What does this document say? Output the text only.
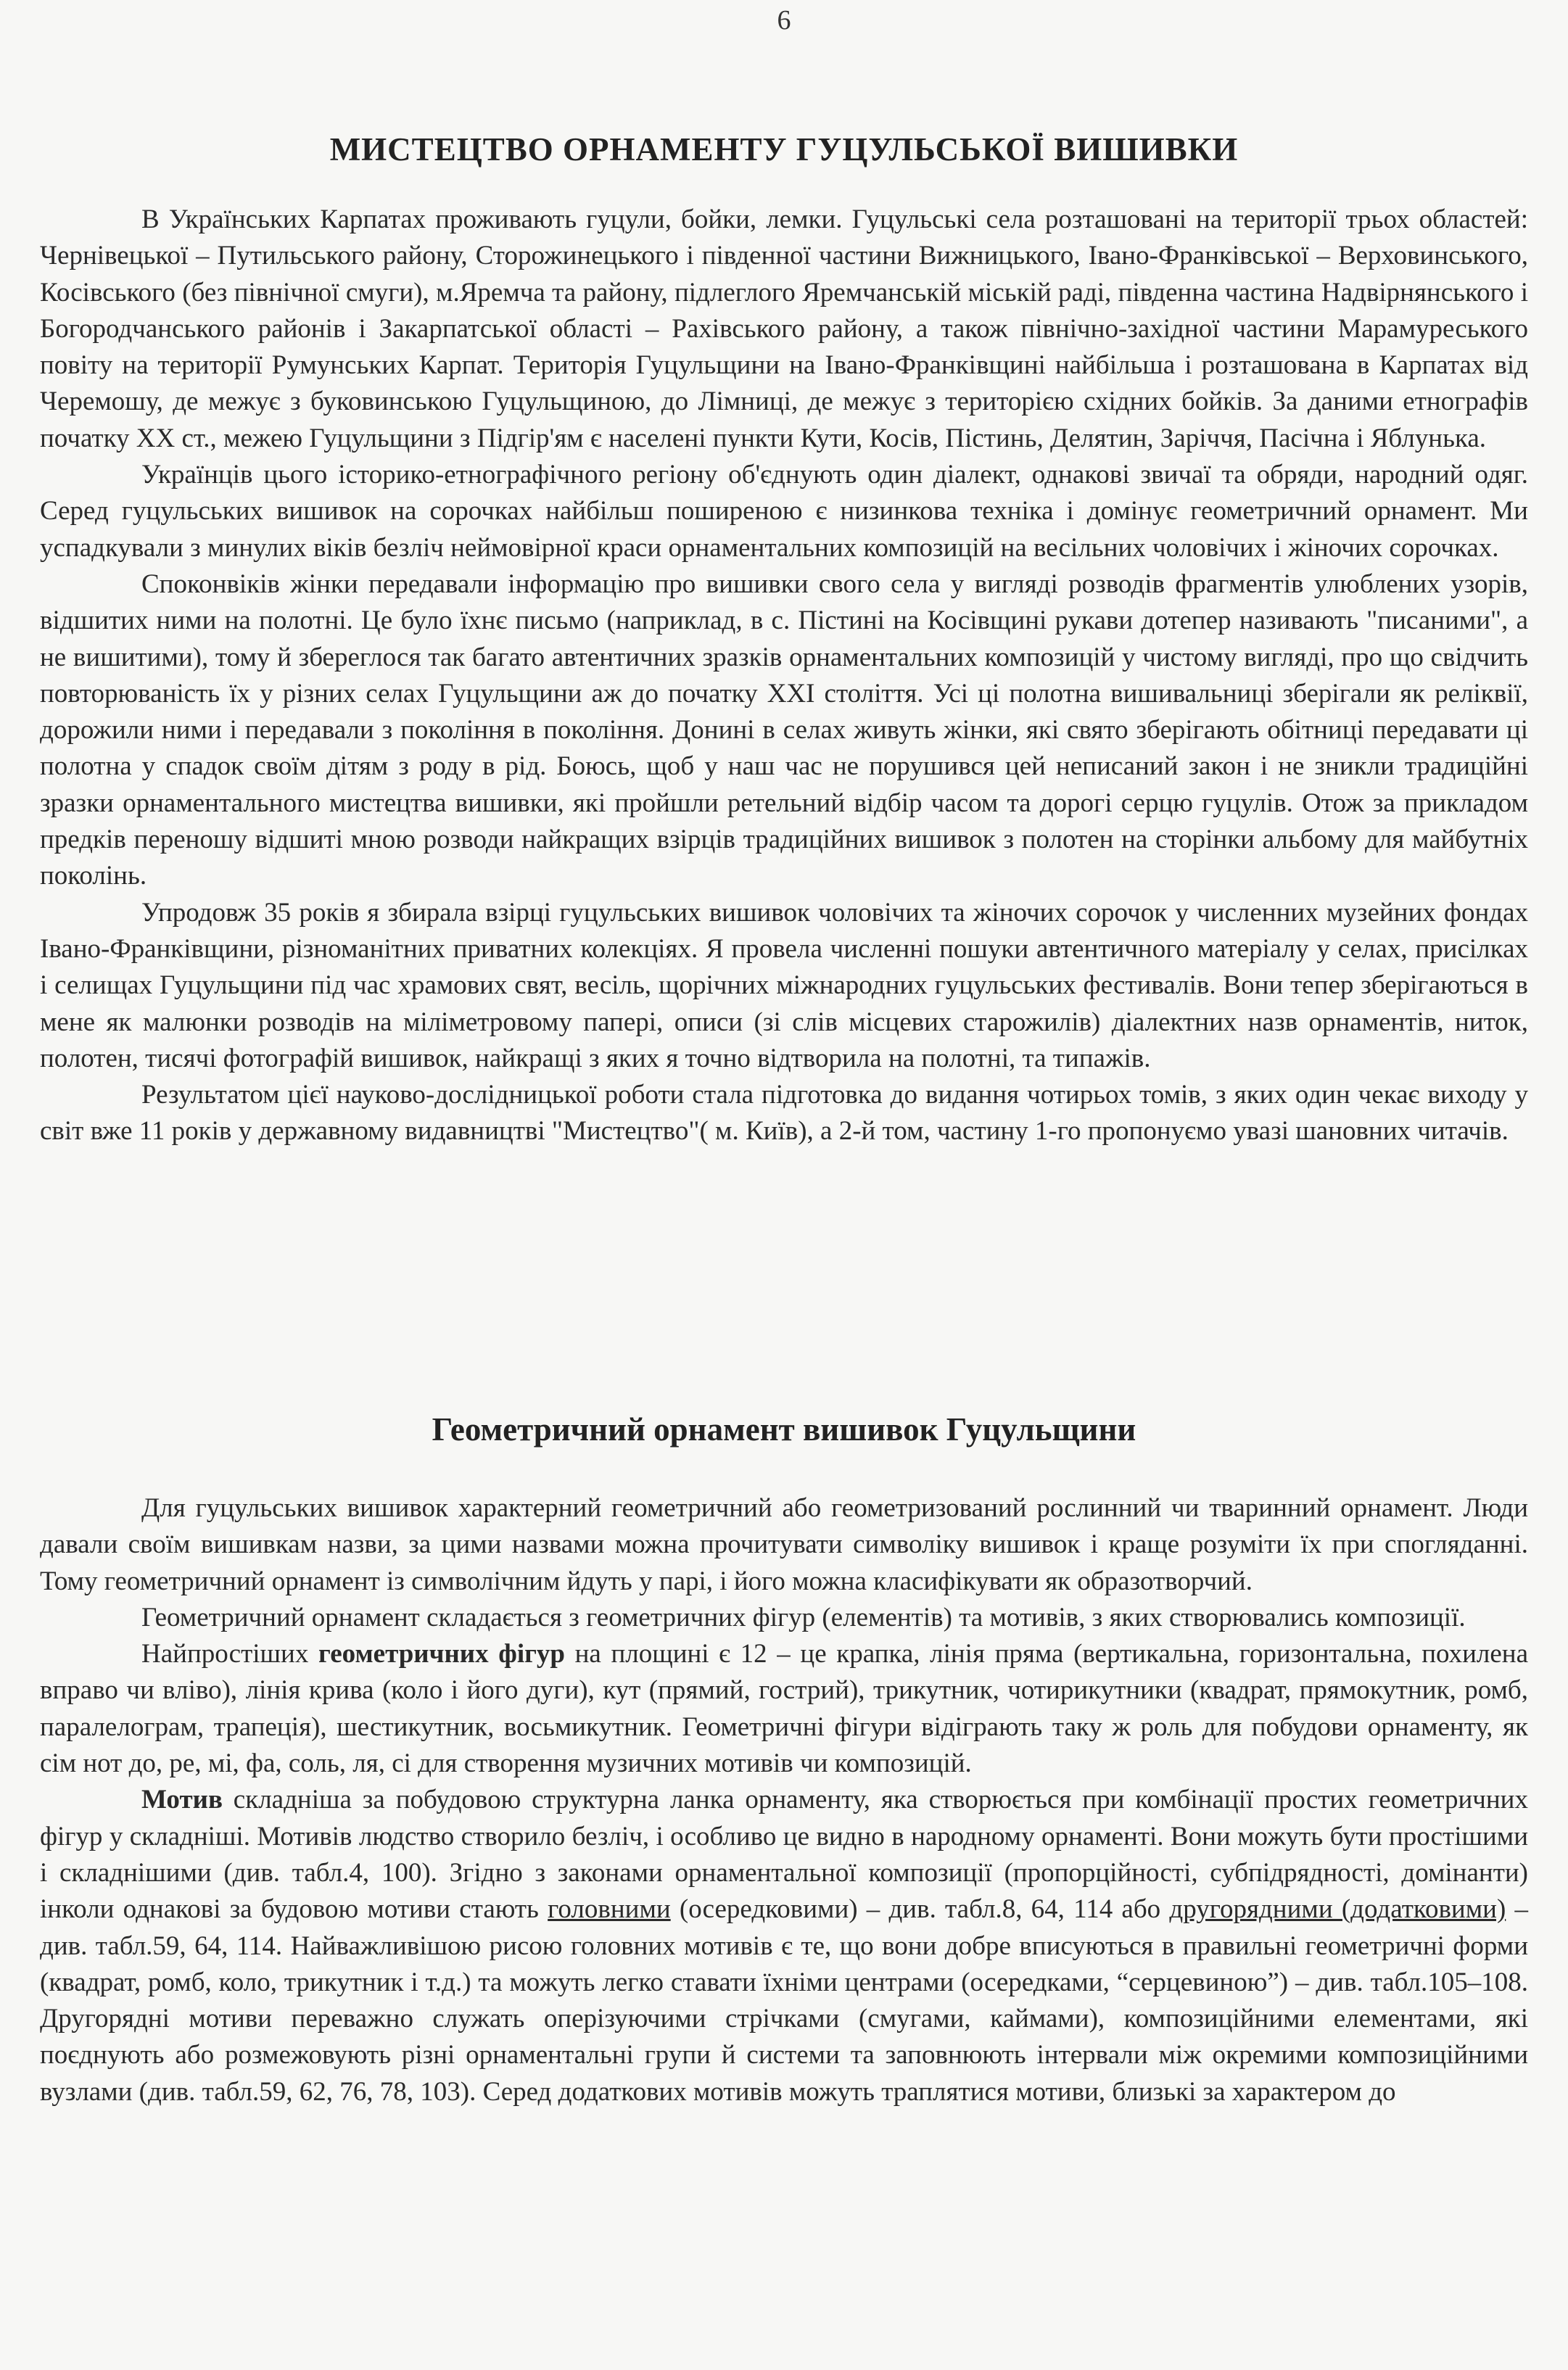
6
МИСТЕЦТВО ОРНАМЕНТУ ГУЦУЛЬСЬКОЇ ВИШИВКИ

В Українських Карпатах проживають гуцули, бойки, лемки. Гуцульські села розташовані на території трьох областей: Чернівецької – Путильського району, Сторожинецького і південної частини Вижницького, Івано-Франківської – Верховинського, Косівського (без північної смуги), м.Яремча та району, підлеглого Яремчанській міській раді, південна частина Надвірнянського і Богородчанського районів і Закарпатської області – Рахівського району, а також північно-західної частини Марамуреського повіту на території Румунських Карпат. Територія Гуцульщини на Івано-Франківщині найбільша і розташована в Карпатах від Черемошу, де межує з буковинською Гуцульщиною, до Лімниці, де межує з територією східних бойків. За даними етнографів початку XX ст., межею Гуцульщини з Підгір'ям є населені пункти Кути, Косів, Пістинь, Делятин, Заріччя, Пасічна і Яблунька.

Українців цього історико-етнографічного регіону об'єднують один діалект, однакові звичаї та обряди, народний одяг. Серед гуцульських вишивок на сорочках найбільш поширеною є низинкова техніка і домінує геометричний орнамент. Ми успадкували з минулих віків безліч неймовірної краси орнаментальних композицій на весільних чоловічих і жіночих сорочках.

Споконвіків жінки передавали інформацію про вишивки свого села у вигляді розводів фрагментів улюблених узорів, відшитих ними на полотні. Це було їхнє письмо (наприклад, в с. Пістині на Косівщині рукави дотепер називають "писаними", а не вишитими), тому й збереглося так багато автентичних зразків орнаментальних композицій у чистому вигляді, про що свідчить повторюваність їх у різних селах Гуцульщини аж до початку XXI століття. Усі ці полотна вишивальниці зберігали як реліквії, дорожили ними і передавали з покоління в покоління. Донині в селах живуть жінки, які свято зберігають обітниці передавати ці полотна у спадок своїм дітям з роду в рід. Боюсь, щоб у наш час не порушився цей неписаний закон і не зникли традиційні зразки орнаментального мистецтва вишивки, які пройшли ретельний відбір часом та дорогі серцю гуцулів. Отож за прикладом предків переношу відшиті мною розводи найкращих взірців традиційних вишивок з полотен на сторінки альбому для майбутніх поколінь.

Упродовж 35 років я збирала взірці гуцульських вишивок чоловічих та жіночих сорочок у численних музейних фондах Івано-Франківщини, різноманітних приватних колекціях. Я провела численні пошуки автентичного матеріалу у селах, присілках і селищах Гуцульщини під час храмових свят, весіль, щорічних міжнародних гуцульських фестивалів. Вони тепер зберігаються в мене як малюнки розводів на міліметровому папері, описи (зі слів місцевих старожилів) діалектних назв орнаментів, ниток, полотен, тисячі фотографій вишивок, найкращі з яких я точно відтворила на полотні, та типажів.

Результатом цієї науково-дослідницької роботи стала підготовка до видання чотирьох томів, з яких один чекає виходу у світ вже 11 років у державному видавництві "Мистецтво"( м. Київ), а 2-й том, частину 1-го пропонуємо увазі шановних читачів.

Геометричний орнамент вишивок Гуцульщини

Для гуцульських вишивок характерний геометричний або геометризований рослинний чи тваринний орнамент. Люди давали своїм вишивкам назви, за цими назвами можна прочитувати символіку вишивок і краще розуміти їх при спогляданні. Тому геометричний орнамент із символічним йдуть у парі, і його можна класифікувати як образотворчий.

Геометричний орнамент складається з геометричних фігур (елементів) та мотивів, з яких створювались композиції.

Найпростіших геометричних фігур на площині є 12 – це крапка, лінія пряма (вертикальна, горизонтальна, похилена вправо чи вліво), лінія крива (коло і його дуги), кут (прямий, гострий), трикутник, чотирикутники (квадрат, прямокутник, ромб, паралелограм, трапеція), шестикутник, восьмикутник. Геометричні фігури відіграють таку ж роль для побудови орнаменту, як сім нот до, ре, мі, фа, соль, ля, сі для створення музичних мотивів чи композицій.

Мотив складніша за побудовою структурна ланка орнаменту, яка створюється при комбінації простих геометричних фігур у складніші. Мотивів людство створило безліч, і особливо це видно в народному орнаменті. Вони можуть бути простішими і складнішими (див. табл.4, 100). Згідно з законами орнаментальної композиції (пропорційності, субпідрядності, домінанти) інколи однакові за будовою мотиви стають головними (осередковими) – див. табл.8, 64, 114 або другорядними (додатковими) – див. табл.59, 64, 114. Найважливішою рисою головних мотивів є те, що вони добре вписуються в правильні геометричні форми (квадрат, ромб, коло, трикутник і т.д.) та можуть легко ставати їхніми центрами (осередками, “серцевиною”) – див. табл.105–108. Другорядні мотиви переважно служать оперізуючими стрічками (смугами, каймами), композиційними елементами, які поєднують або розмежовують різні орнаментальні групи й системи та заповнюють інтервали між окремими композиційними вузлами (див. табл.59, 62, 76, 78, 103). Серед додаткових мотивів можуть траплятися мотиви, близькі за характером до
